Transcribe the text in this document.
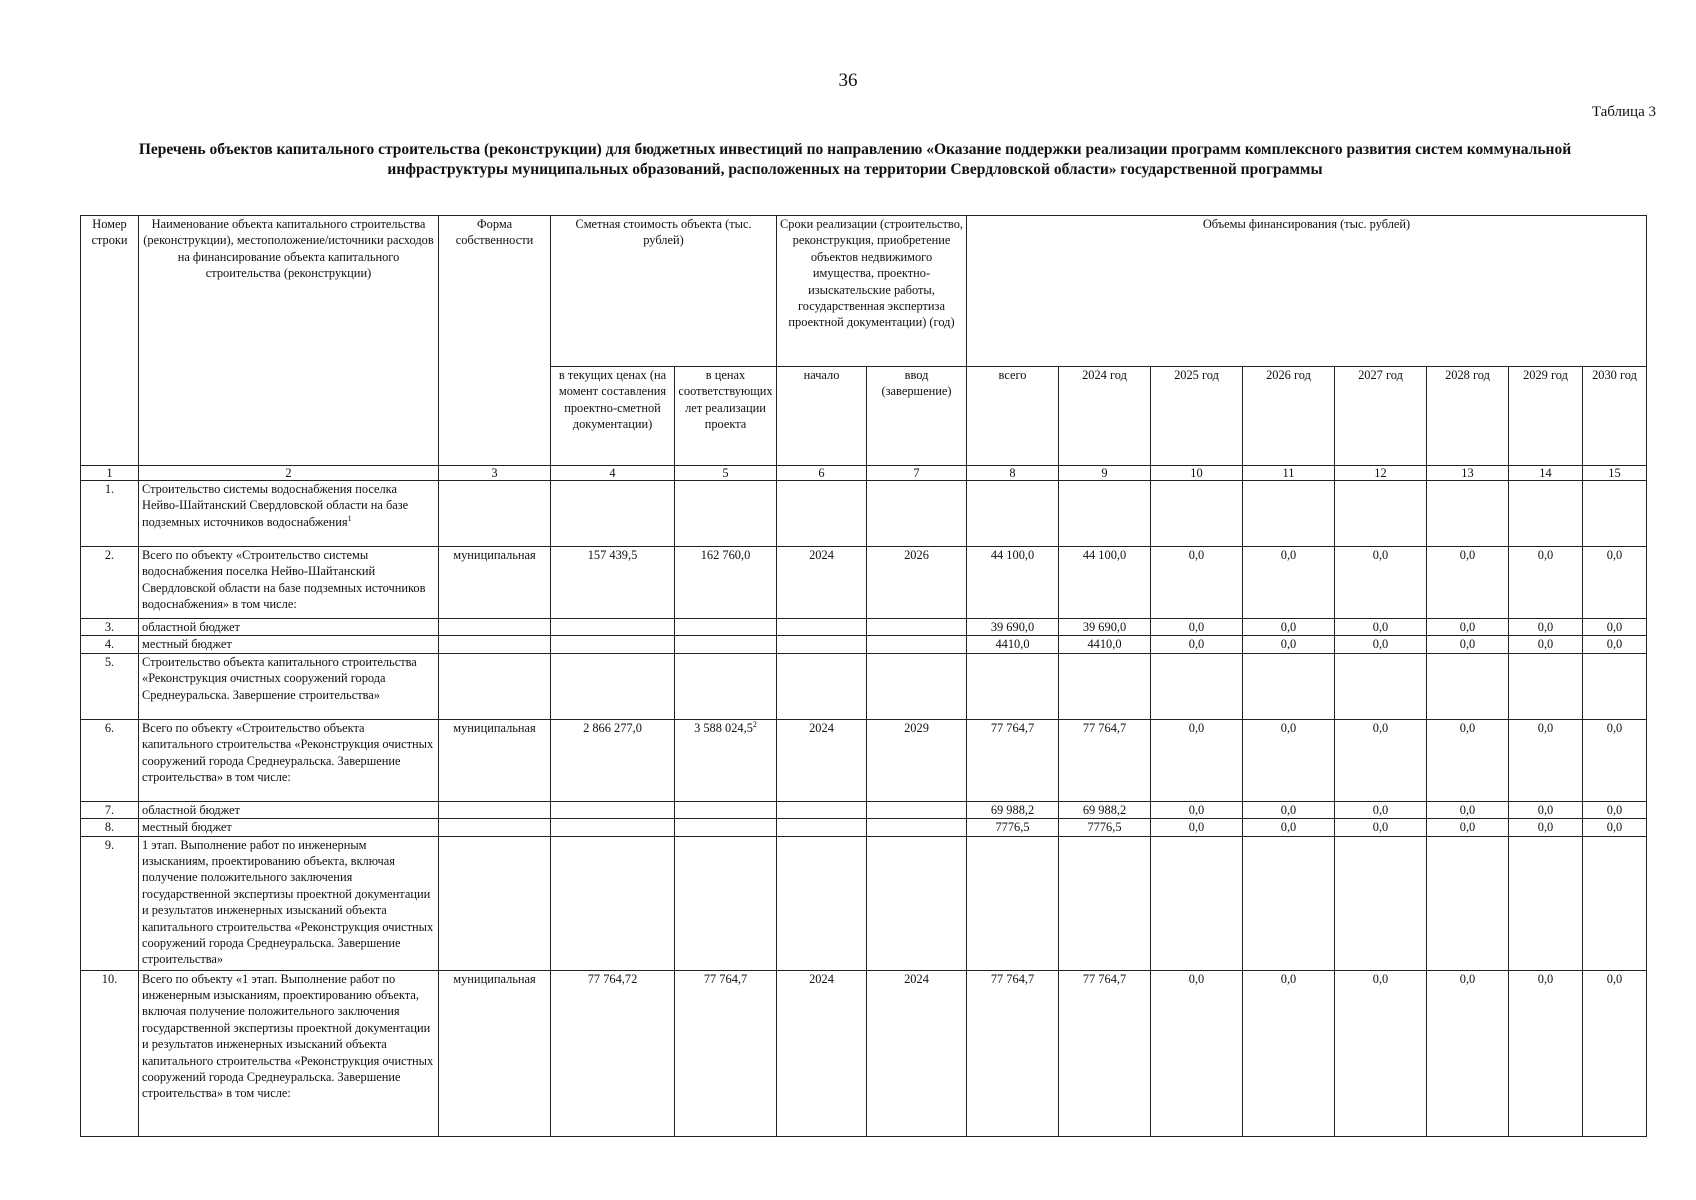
36
Таблица 3
Перечень объектов капитального строительства (реконструкции) для бюджетных инвестиций по направлению «Оказание поддержки реализации программ комплексного развития систем коммунальной инфраструктуры муниципальных образований, расположенных на территории Свердловской области» государственной программы
Номер строки	Наименование объекта капитального строительства (реконструкции), местоположение/источники расходов на финансирование объекта капитального строительства (реконструкции)	Форма собственности	Сметная стоимость объекта (тыс. рублей)		Сроки реализации (строительство, реконструкция, приобретение объектов недвижимого имущества, проектно-изыскательские работы, государственная экспертиза проектной документации) (год)		Объемы финансирования (тыс. рублей)							
			в текущих ценах (на момент составления проектно-сметной документации)	в ценах соответствующих лет реализации проекта	начало	ввод (завершение)	всего	2024 год	2025 год	2026 год	2027 год	2028 год	2029 год	2030 год
1	2	3	4	5	6	7	8	9	10	11	12	13	14	15
1.	Строительство системы водоснабжения поселка Нейво-Шайтанский Свердловской области на базе подземных источников водоснабжения$^1$													
2.	Всего по объекту «Строительство системы водоснабжения поселка Нейво-Шайтанский Свердловской области на базе подземных источников водоснабжения» в том числе:	муниципальная	157 439,5	162 760,0	2024	2026	44 100,0	44 100,0	0,0	0,0	0,0	0,0	0,0	0,0
3.	областной бюджет						39 690,0	39 690,0	0,0	0,0	0,0	0,0	0,0	0,0
4.	местный бюджет						4410,0	4410,0	0,0	0,0	0,0	0,0	0,0	0,0
5.	Строительство объекта капитального строительства «Реконструкция очистных сооружений города Среднеуральска. Завершение строительства»													
6.	Всего по объекту «Строительство объекта капитального строительства «Реконструкция очистных сооружений города Среднеуральска. Завершение строительства» в том числе:	муниципальная	2 866 277,0	3 588 024,5$^2$	2024	2029	77 764,7	77 764,7	0,0	0,0	0,0	0,0	0,0	0,0
7.	областной бюджет						69 988,2	69 988,2	0,0	0,0	0,0	0,0	0,0	0,0
8.	местный бюджет						7776,5	7776,5	0,0	0,0	0,0	0,0	0,0	0,0
9.	1 этап. Выполнение работ по инженерным изысканиям, проектированию объекта, включая получение положительного заключения государственной экспертизы проектной документации и результатов инженерных изысканий объекта капитального строительства «Реконструкция очистных сооружений города Среднеуральска. Завершение строительства»													
10.	Всего по объекту «1 этап. Выполнение работ по инженерным изысканиям, проектированию объекта, включая получение положительного заключения государственной экспертизы проектной документации и результатов инженерных изысканий объекта капитального строительства «Реконструкция очистных сооружений города Среднеуральска. Завершение строительства» в том числе:	муниципальная	77 764,72	77 764,7	2024	2024	77 764,7	77 764,7	0,0	0,0	0,0	0,0	0,0	0,0
